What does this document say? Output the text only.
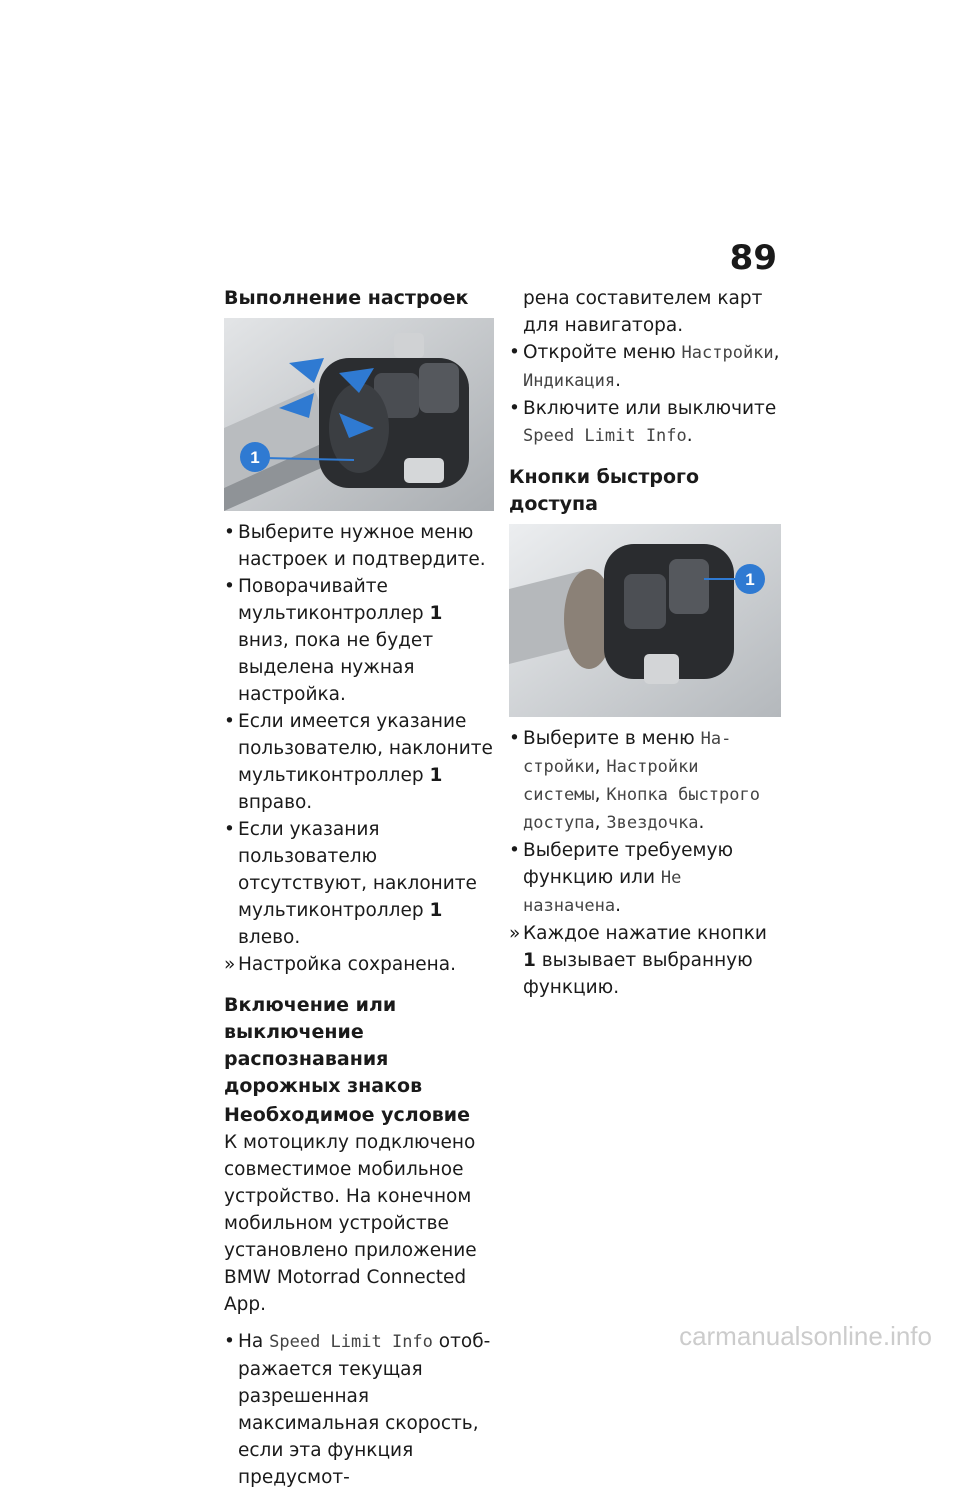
89
Выполнение настроек
1
• Выберите нужное меню настроек и подтвердите.
• Поворачивайте мультиконтроллер 1 вниз, пока не будет выделена нужная настройка.
• Если имеется указание пользователю, наклоните мультиконтроллер 1 вправо.
• Если указания пользователю отсутствуют, наклоните мультиконтроллер 1 влево.
» Настройка сохранена.
Включение или выключение распознавания дорожных знаков
Необходимое условие

К мотоциклу подключено совместимое мобильное устройство. На конечном мобильном устройстве установлено приложение BMW Motorrad Connected App.

• На Speed Limit Info отображается текущая разрешенная максимальная скорость, если эта функция предусмот-

рена составителем карт для навигатора.

• Откройте меню Настройки, Индикация.
• Включите или выключите Speed Limit Info.
Кнопки быстрого доступа
1
• Выберите в меню Настройки, Настройки системы, Кнопка быстрого доступа, Звездочка.
• Выберите требуемую функцию или Не назначена.
» Каждое нажатие кнопки 1 вызывает выбранную функцию.
carmanualsonline.info
